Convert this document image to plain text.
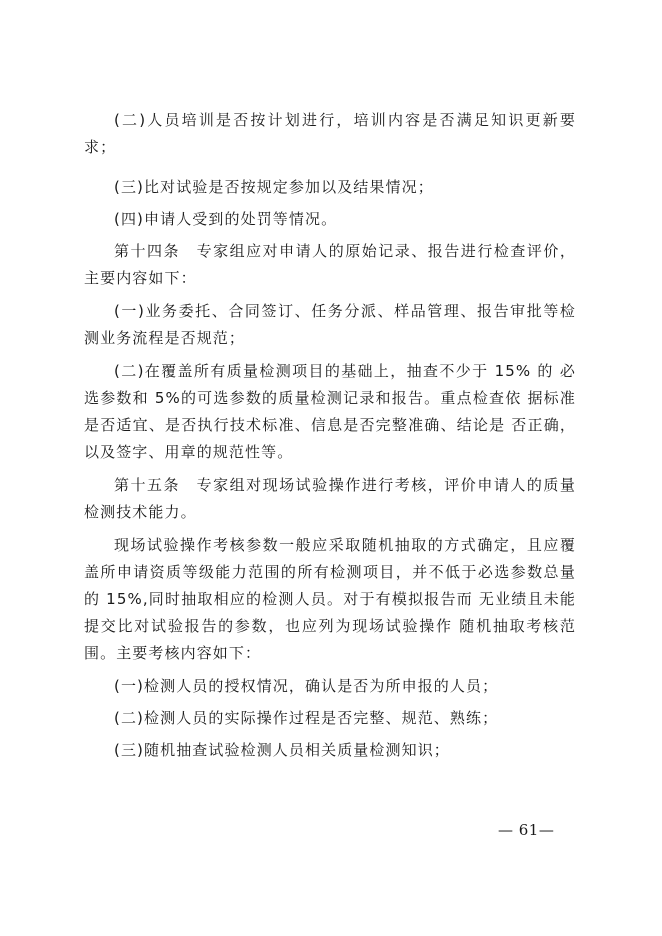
(二)人员培训是否按计划进行，培训内容是否满足知识更新要求；

(三)比对试验是否按规定参加以及结果情况；

(四)申请人受到的处罚等情况。

第十四条　专家组应对申请人的原始记录、报告进行检查评价，主要内容如下：

(一)业务委托、合同签订、任务分派、样品管理、报告审批等检测业务流程是否规范；

(二)在覆盖所有质量检测项目的基础上，抽查不少于 15% 的 必选参数和 5%的可选参数的质量检测记录和报告。重点检查依 据标准是否适宜、是否执行技术标准、信息是否完整准确、结论是 否正确，以及签字、用章的规范性等。

第十五条　专家组对现场试验操作进行考核，评价申请人的质量检测技术能力。

现场试验操作考核参数一般应采取随机抽取的方式确定，且应覆盖所申请资质等级能力范围的所有检测项目，并不低于必选参数总量的 15%,同时抽取相应的检测人员。对于有模拟报告而 无业绩且未能提交比对试验报告的参数，也应列为现场试验操作 随机抽取考核范围。主要考核内容如下：

(一)检测人员的授权情况，确认是否为所申报的人员；

(二)检测人员的实际操作过程是否完整、规范、熟练；

(三)随机抽查试验检测人员相关质量检测知识；

— 61—
